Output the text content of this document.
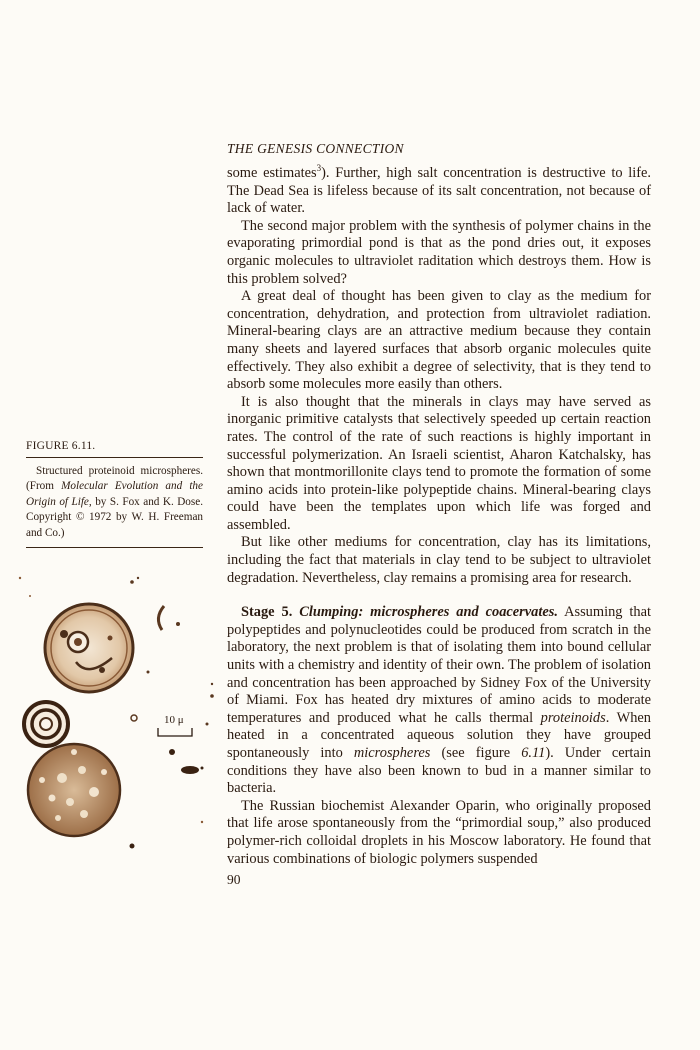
THE GENESIS CONNECTION

some estimates$^3$). Further, high salt concentration is destructive to life. The Dead Sea is lifeless because of its salt concentration, not because of lack of water.

The second major problem with the synthesis of polymer chains in the evaporating primordial pond is that as the pond dries out, it exposes organic molecules to ultraviolet raditation which destroys them. How is this problem solved?

A great deal of thought has been given to clay as the medium for concentration, dehydration, and protection from ultraviolet radiation. Mineral-bearing clays are an attractive medium because they contain many sheets and layered surfaces that absorb organic molecules quite effectively. They also exhibit a degree of selectivity, that is they tend to absorb some molecules more easily than others.

It is also thought that the minerals in clays may have served as inorganic primitive catalysts that selectively speeded up certain reaction rates. The control of the rate of such reactions is highly important in successful polymerization. An Israeli scientist, Aharon Katchalsky, has shown that montmorillonite clays tend to promote the formation of some amino acids into protein-like polypeptide chains. Mineral-bearing clays could have been the templates upon which life was forged and assembled.

But like other mediums for concentration, clay has its limitations, including the fact that materials in clay tend to be subject to ultraviolet degradation. Nevertheless, clay remains a promising area for research.

Stage 5. Clumping: microspheres and coacervates. Assuming that polypeptides and polynucleotides could be produced from scratch in the laboratory, the next problem is that of isolating them into bound cellular units with a chemistry and identity of their own. The problem of isolation and concentration has been approached by Sidney Fox of the University of Miami. Fox has heated dry mixtures of amino acids to moderate temperatures and produced what he calls thermal proteinoids. When heated in a concentrated aqueous solution they have grouped spontaneously into microspheres (see figure 6.11). Under certain conditions they have also been known to bud in a manner similar to bacteria.

The Russian biochemist Alexander Oparin, who originally proposed that life arose spontaneously from the “primordial soup,” also produced polymer-rich colloidal droplets in his Moscow laboratory. He found that various combinations of biologic polymers suspended

FIGURE 6.11.
Structured proteinoid microspheres. (From Molecular Evolution and the Origin of Life, by S. Fox and K. Dose. Copyright © 1972 by W. H. Freeman and Co.)
10 μ
90
